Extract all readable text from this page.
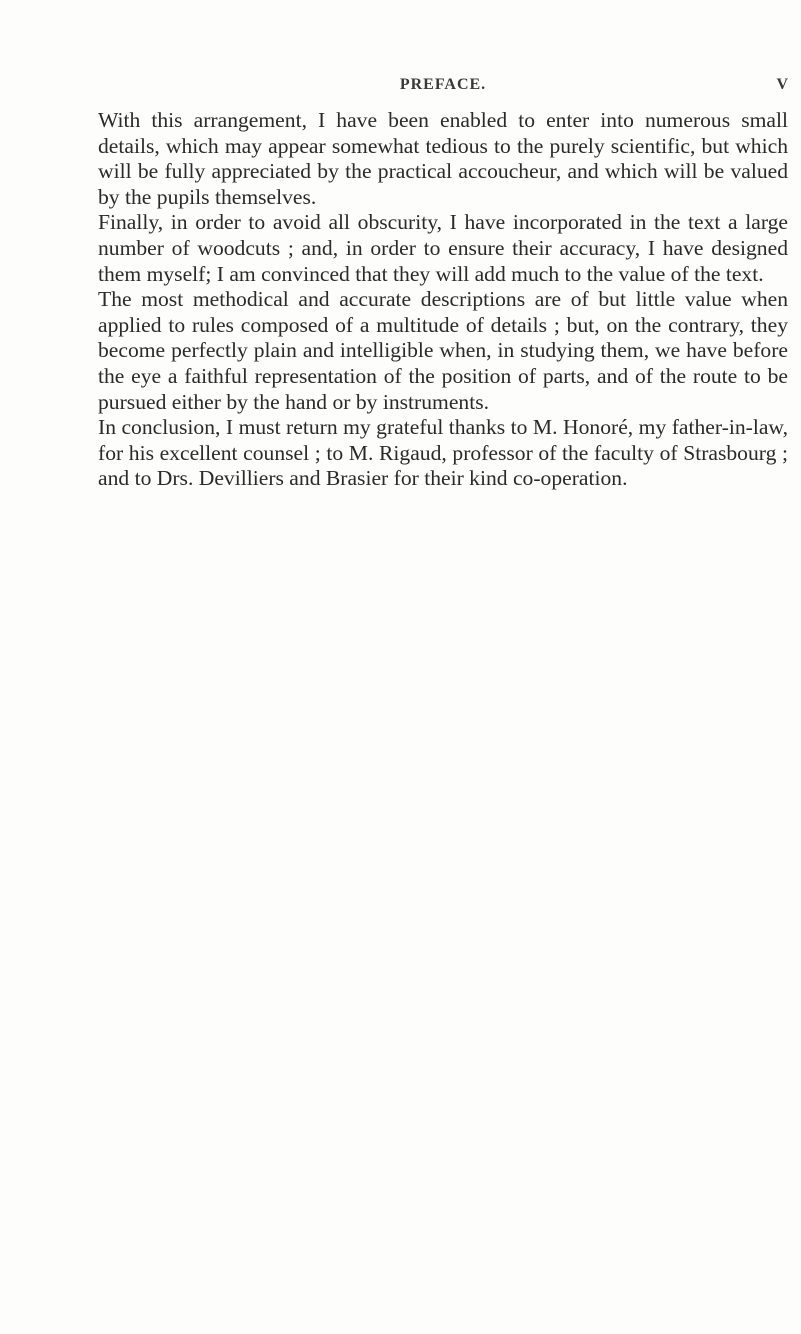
PREFACE.	V

With this arrangement, I have been enabled to enter into numerous small details, which may appear somewhat tedious to the purely scientific, but which will be fully appreciated by the practical accoucheur, and which will be valued by the pupils themselves.

Finally, in order to avoid all obscurity, I have incorporated in the text a large number of woodcuts ; and, in order to ensure their accuracy, I have designed them myself; I am convinced that they will add much to the value of the text.

The most methodical and accurate descriptions are of but little value when applied to rules composed of a multitude of details ; but, on the contrary, they become perfectly plain and intelligible when, in studying them, we have before the eye a faithful representation of the position of parts, and of the route to be pursued either by the hand or by instruments.

In conclusion, I must return my grateful thanks to M. Honoré, my father-in-law, for his excellent counsel ; to M. Rigaud, professor of the faculty of Strasbourg ; and to Drs. Devilliers and Brasier for their kind co-operation.
